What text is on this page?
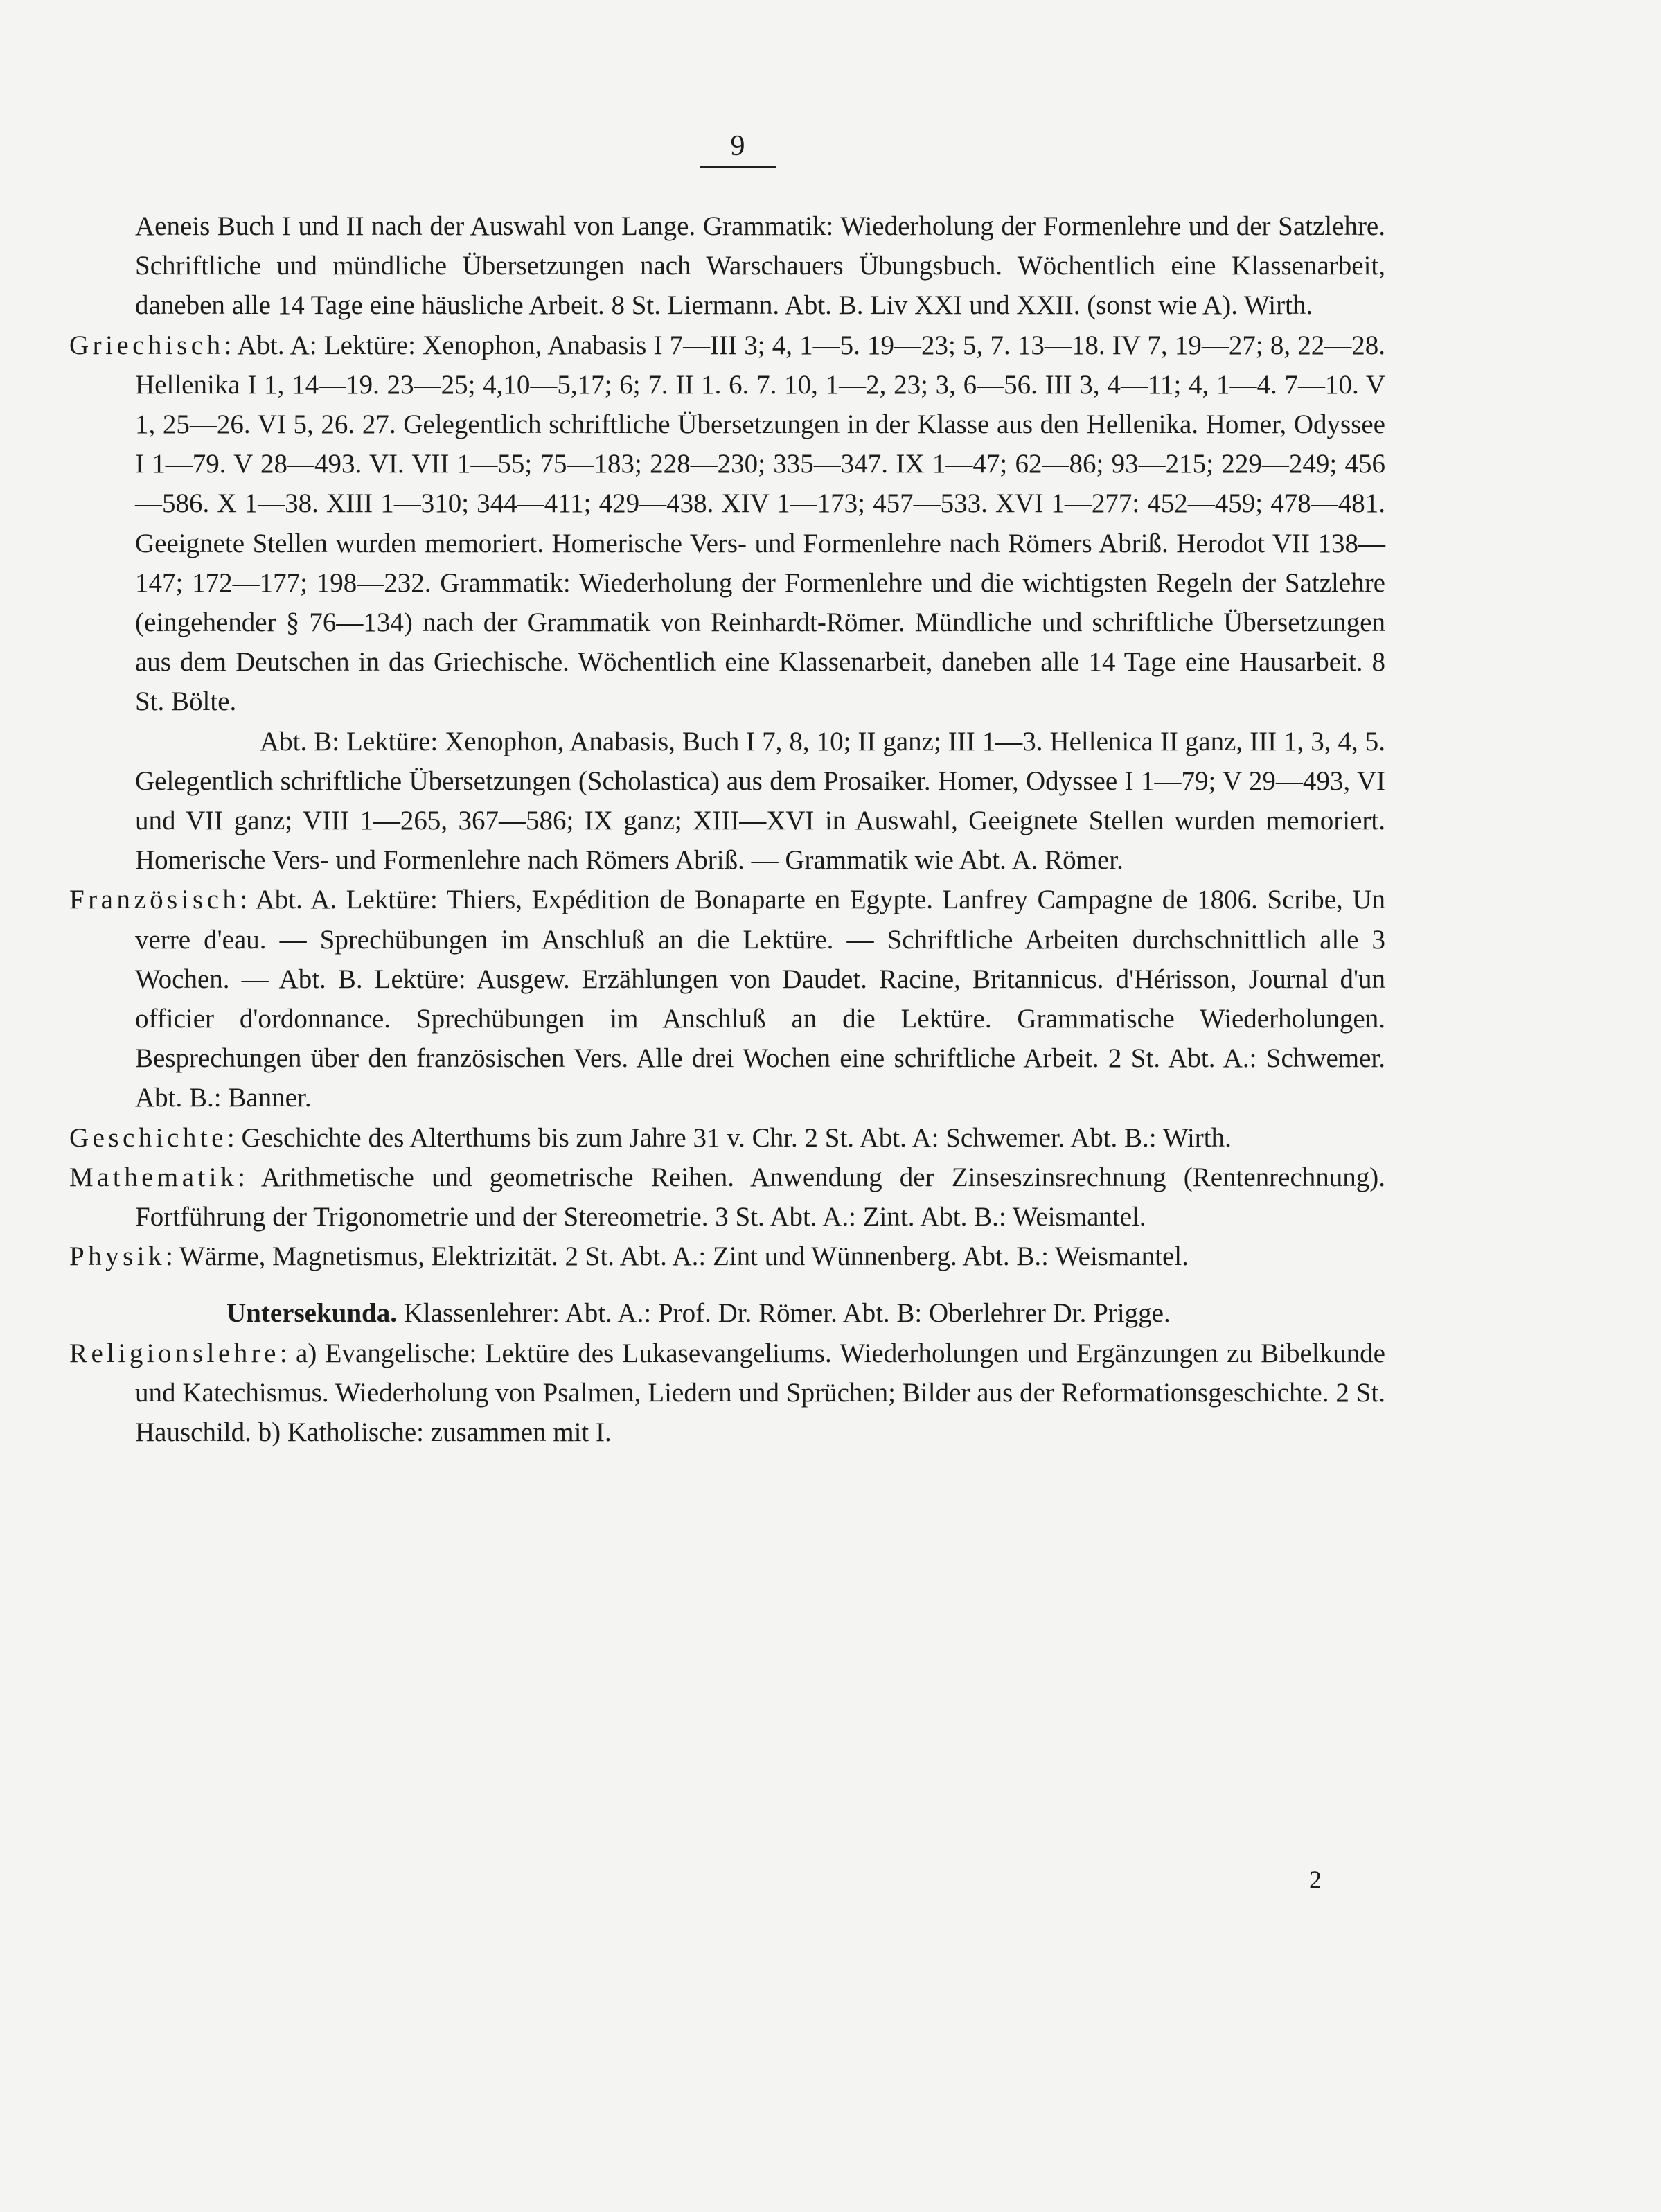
9

Aeneis Buch I und II nach der Auswahl von Lange. Grammatik: Wiederholung der Formenlehre und der Satzlehre. Schriftliche und mündliche Übersetzungen nach Warschauers Übungsbuch. Wöchentlich eine Klassenarbeit, daneben alle 14 Tage eine häusliche Arbeit. 8 St. Liermann. Abt. B. Liv XXI und XXII. (sonst wie A). Wirth.

Griechisch: Abt. A: Lektüre: Xenophon, Anabasis I 7—III 3; 4, 1—5. 19—23; 5, 7. 13—18. IV 7, 19—27; 8, 22—28. Hellenika I 1, 14—19. 23—25; 4,10—5,17; 6; 7. II 1. 6. 7. 10, 1—2, 23; 3, 6—56. III 3, 4—11; 4, 1—4. 7—10. V 1, 25—26. VI 5, 26. 27. Gelegentlich schriftliche Übersetzungen in der Klasse aus den Hellenika. Homer, Odyssee I 1—79. V 28—493. VI. VII 1—55; 75—183; 228—230; 335—347. IX 1—47; 62—86; 93—215; 229—249; 456—586. X 1—38. XIII 1—310; 344—411; 429—438. XIV 1—173; 457—533. XVI 1—277: 452—459; 478—481. Geeignete Stellen wurden memoriert. Homerische Vers- und Formenlehre nach Römers Abriß. Herodot VII 138—147; 172—177; 198—232. Grammatik: Wiederholung der Formenlehre und die wichtigsten Regeln der Satzlehre (eingehender § 76—134) nach der Grammatik von Reinhardt-Römer. Mündliche und schriftliche Übersetzungen aus dem Deutschen in das Griechische. Wöchentlich eine Klassenarbeit, daneben alle 14 Tage eine Hausarbeit. 8 St. Bölte.

Abt. B: Lektüre: Xenophon, Anabasis, Buch I 7, 8, 10; II ganz; III 1—3. Hellenica II ganz, III 1, 3, 4, 5. Gelegentlich schriftliche Übersetzungen (Scholastica) aus dem Prosaiker. Homer, Odyssee I 1—79; V 29—493, VI und VII ganz; VIII 1—265, 367—586; IX ganz; XIII—XVI in Auswahl, Geeignete Stellen wurden memoriert. Homerische Vers- und Formenlehre nach Römers Abriß. — Grammatik wie Abt. A. Römer.

Französisch: Abt. A. Lektüre: Thiers, Expédition de Bonaparte en Egypte. Lanfrey Campagne de 1806. Scribe, Un verre d'eau. — Sprechübungen im Anschluß an die Lektüre. — Schriftliche Arbeiten durchschnittlich alle 3 Wochen. — Abt. B. Lektüre: Ausgew. Erzählungen von Daudet. Racine, Britannicus. d'Hérisson, Journal d'un officier d'ordonnance. Sprechübungen im Anschluß an die Lektüre. Grammatische Wiederholungen. Besprechungen über den französischen Vers. Alle drei Wochen eine schriftliche Arbeit. 2 St. Abt. A.: Schwemer. Abt. B.: Banner.

Geschichte: Geschichte des Alterthums bis zum Jahre 31 v. Chr. 2 St. Abt. A: Schwemer. Abt. B.: Wirth.

Mathematik: Arithmetische und geometrische Reihen. Anwendung der Zinseszinsrechnung (Rentenrechnung). Fortführung der Trigonometrie und der Stereometrie. 3 St. Abt. A.: Zint. Abt. B.: Weismantel.

Physik: Wärme, Magnetismus, Elektrizität. 2 St. Abt. A.: Zint und Wünnenberg. Abt. B.: Weismantel.

Untersekunda. Klassenlehrer: Abt. A.: Prof. Dr. Römer. Abt. B: Oberlehrer Dr. Prigge.

Religionslehre: a) Evangelische: Lektüre des Lukasevangeliums. Wiederholungen und Ergänzungen zu Bibelkunde und Katechismus. Wiederholung von Psalmen, Liedern und Sprüchen; Bilder aus der Reformationsgeschichte. 2 St. Hauschild. b) Katholische: zusammen mit I.

2
